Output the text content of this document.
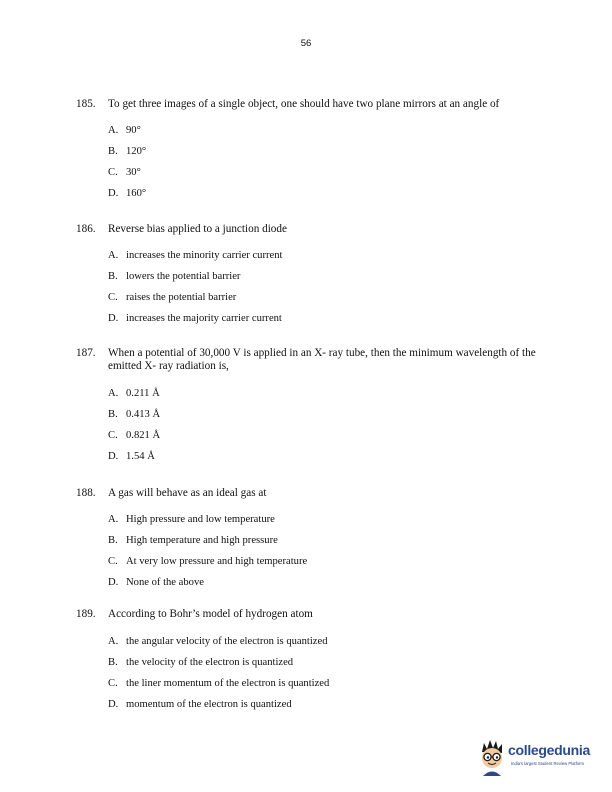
56
185.	To get three images of a single object, one should have two plane mirrors at an angle of
A. 90°
B. 120°
C. 30°
D. 160°
186.	Reverse bias applied to a junction diode
A. increases the minority carrier current
B. lowers the potential barrier
C. raises the potential barrier
D. increases the majority carrier current
187.	When a potential of 30,000 V is applied in an X- ray tube, then the minimum wavelength of the emitted X- ray radiation is,
A. 0.211 Å
B. 0.413 Å
C. 0.821 Å
D. 1.54 Å
188.	A gas will behave as an ideal gas at
A. High pressure and low temperature
B. High temperature and high pressure
C. At very low pressure and high temperature
D. None of the above
189.	According to Bohr’s model of hydrogen atom
A. the angular velocity of the electron is quantized
B. the velocity of the electron is quantized
C. the liner momentum of the electron is quantized
D. momentum of the electron is quantized
collegedunia
India's largest Student Review Platform
